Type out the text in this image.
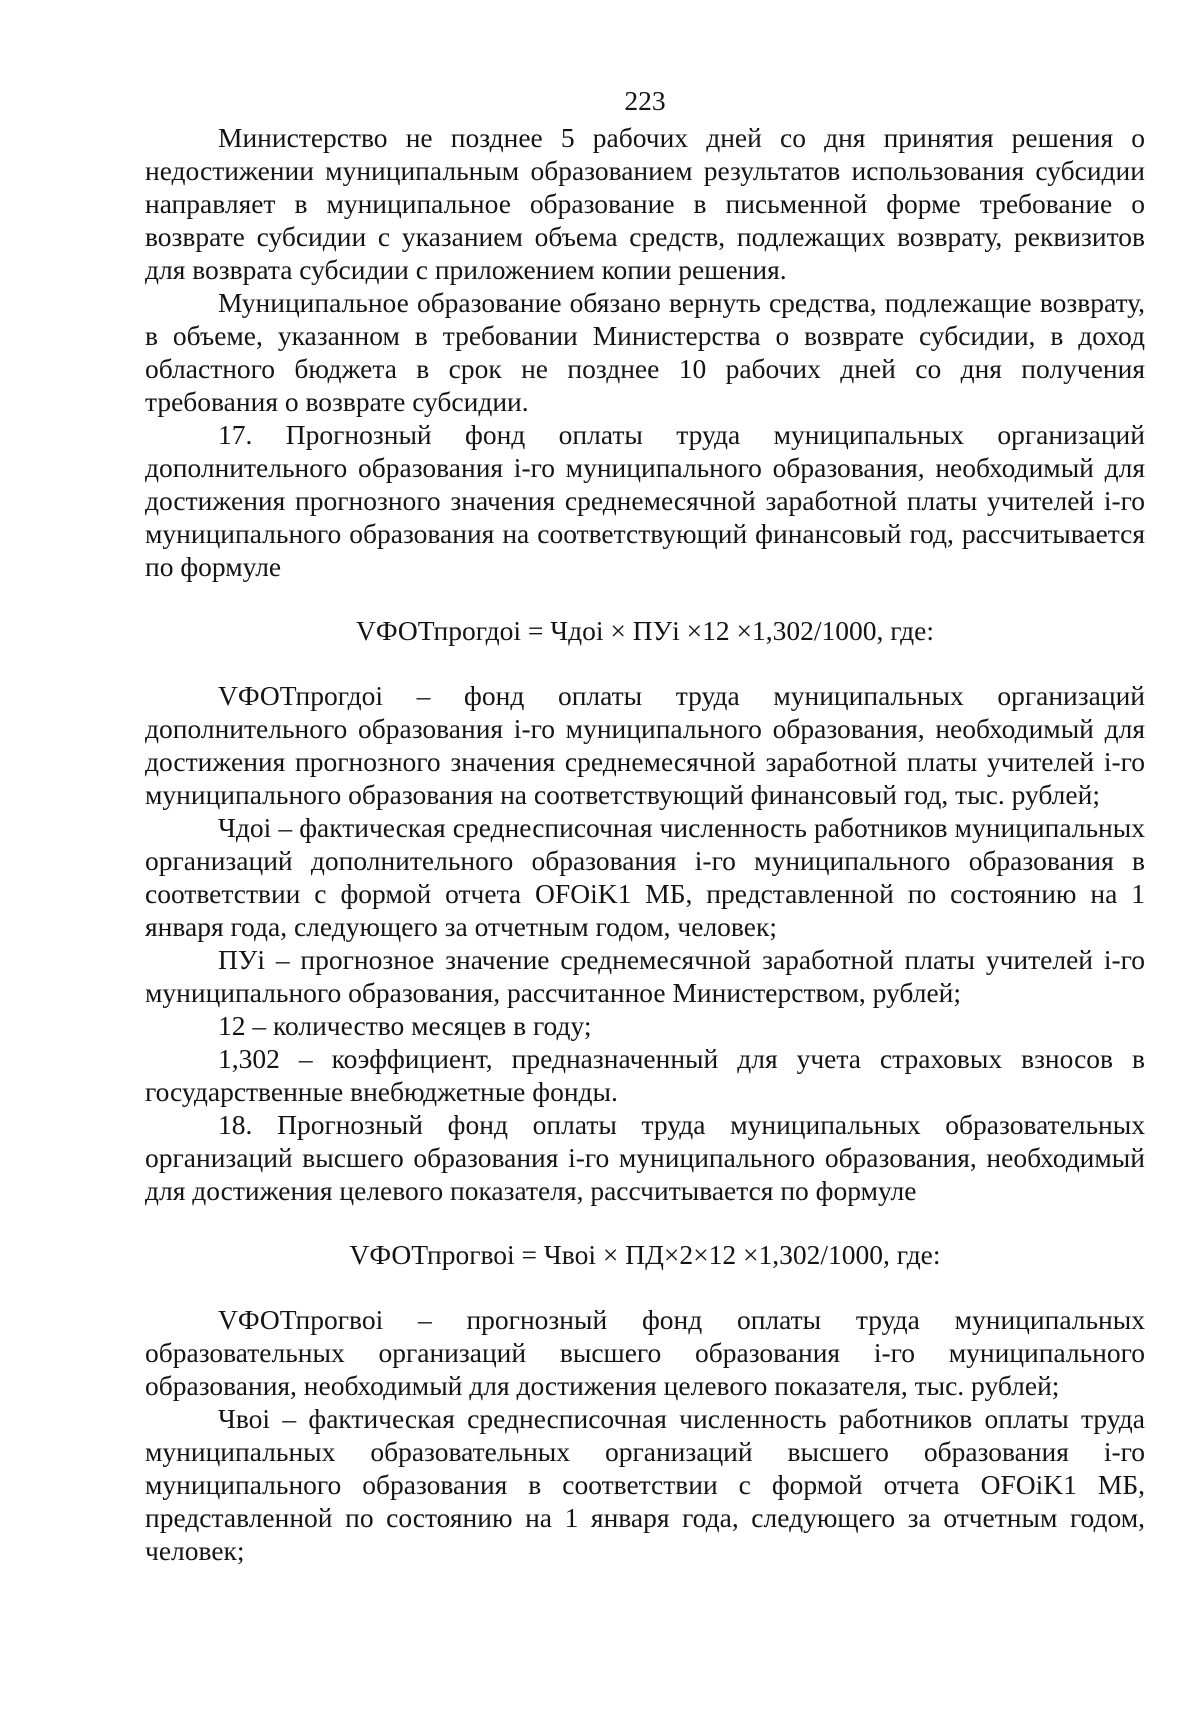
223

Министерство не позднее 5 рабочих дней со дня принятия решения о недостижении муниципальным образованием результатов использования субсидии направляет в муниципальное образование в письменной форме требование о возврате субсидии с указанием объема средств, подлежащих возврату, реквизитов для возврата субсидии с приложением копии решения.

Муниципальное образование обязано вернуть средства, подлежащие возврату, в объеме, указанном в требовании Министерства о возврате субсидии, в доход областного бюджета в срок не позднее 10 рабочих дней со дня получения требования о возврате субсидии.

17. Прогнозный фонд оплаты труда муниципальных организаций дополнительного образования i-го муниципального образования, необходимый для достижения прогнозного значения среднемесячной заработной платы учителей i-го муниципального образования на соответствующий финансовый год, рассчитывается по формуле

VФОТпрогдоi = Чдоi × ПУi ×12 ×1,302/1000, где:

VФОТпрогдоi – фонд оплаты труда муниципальных организаций дополнительного образования i-го муниципального образования, необходимый для достижения прогнозного значения среднемесячной заработной платы учителей i-го муниципального образования на соответствующий финансовый год, тыс. рублей;

Чдоi – фактическая среднесписочная численность работников муниципальных организаций дополнительного образования i-го муниципального образования в соответствии с формой отчета OFOiK1 МБ, представленной по состоянию на 1 января года, следующего за отчетным годом, человек;

ПУi – прогнозное значение среднемесячной заработной платы учителей i-го муниципального образования, рассчитанное Министерством, рублей;

12 – количество месяцев в году;

1,302 – коэффициент, предназначенный для учета страховых взносов в государственные внебюджетные фонды.

18. Прогнозный фонд оплаты труда муниципальных образовательных организаций высшего образования i-го муниципального образования, необходимый для достижения целевого показателя, рассчитывается по формуле

VФОТпрогвоi = Чвоi × ПД×2×12 ×1,302/1000, где:

VФОТпрогвоi – прогнозный фонд оплаты труда муниципальных образовательных организаций высшего образования i-го муниципального образования, необходимый для достижения целевого показателя, тыс. рублей;

Чвоi – фактическая среднесписочная численность работников оплаты труда муниципальных образовательных организаций высшего образования i-го муниципального образования в соответствии с формой отчета OFOiK1 МБ, представленной по состоянию на 1 января года, следующего за отчетным годом, человек;
